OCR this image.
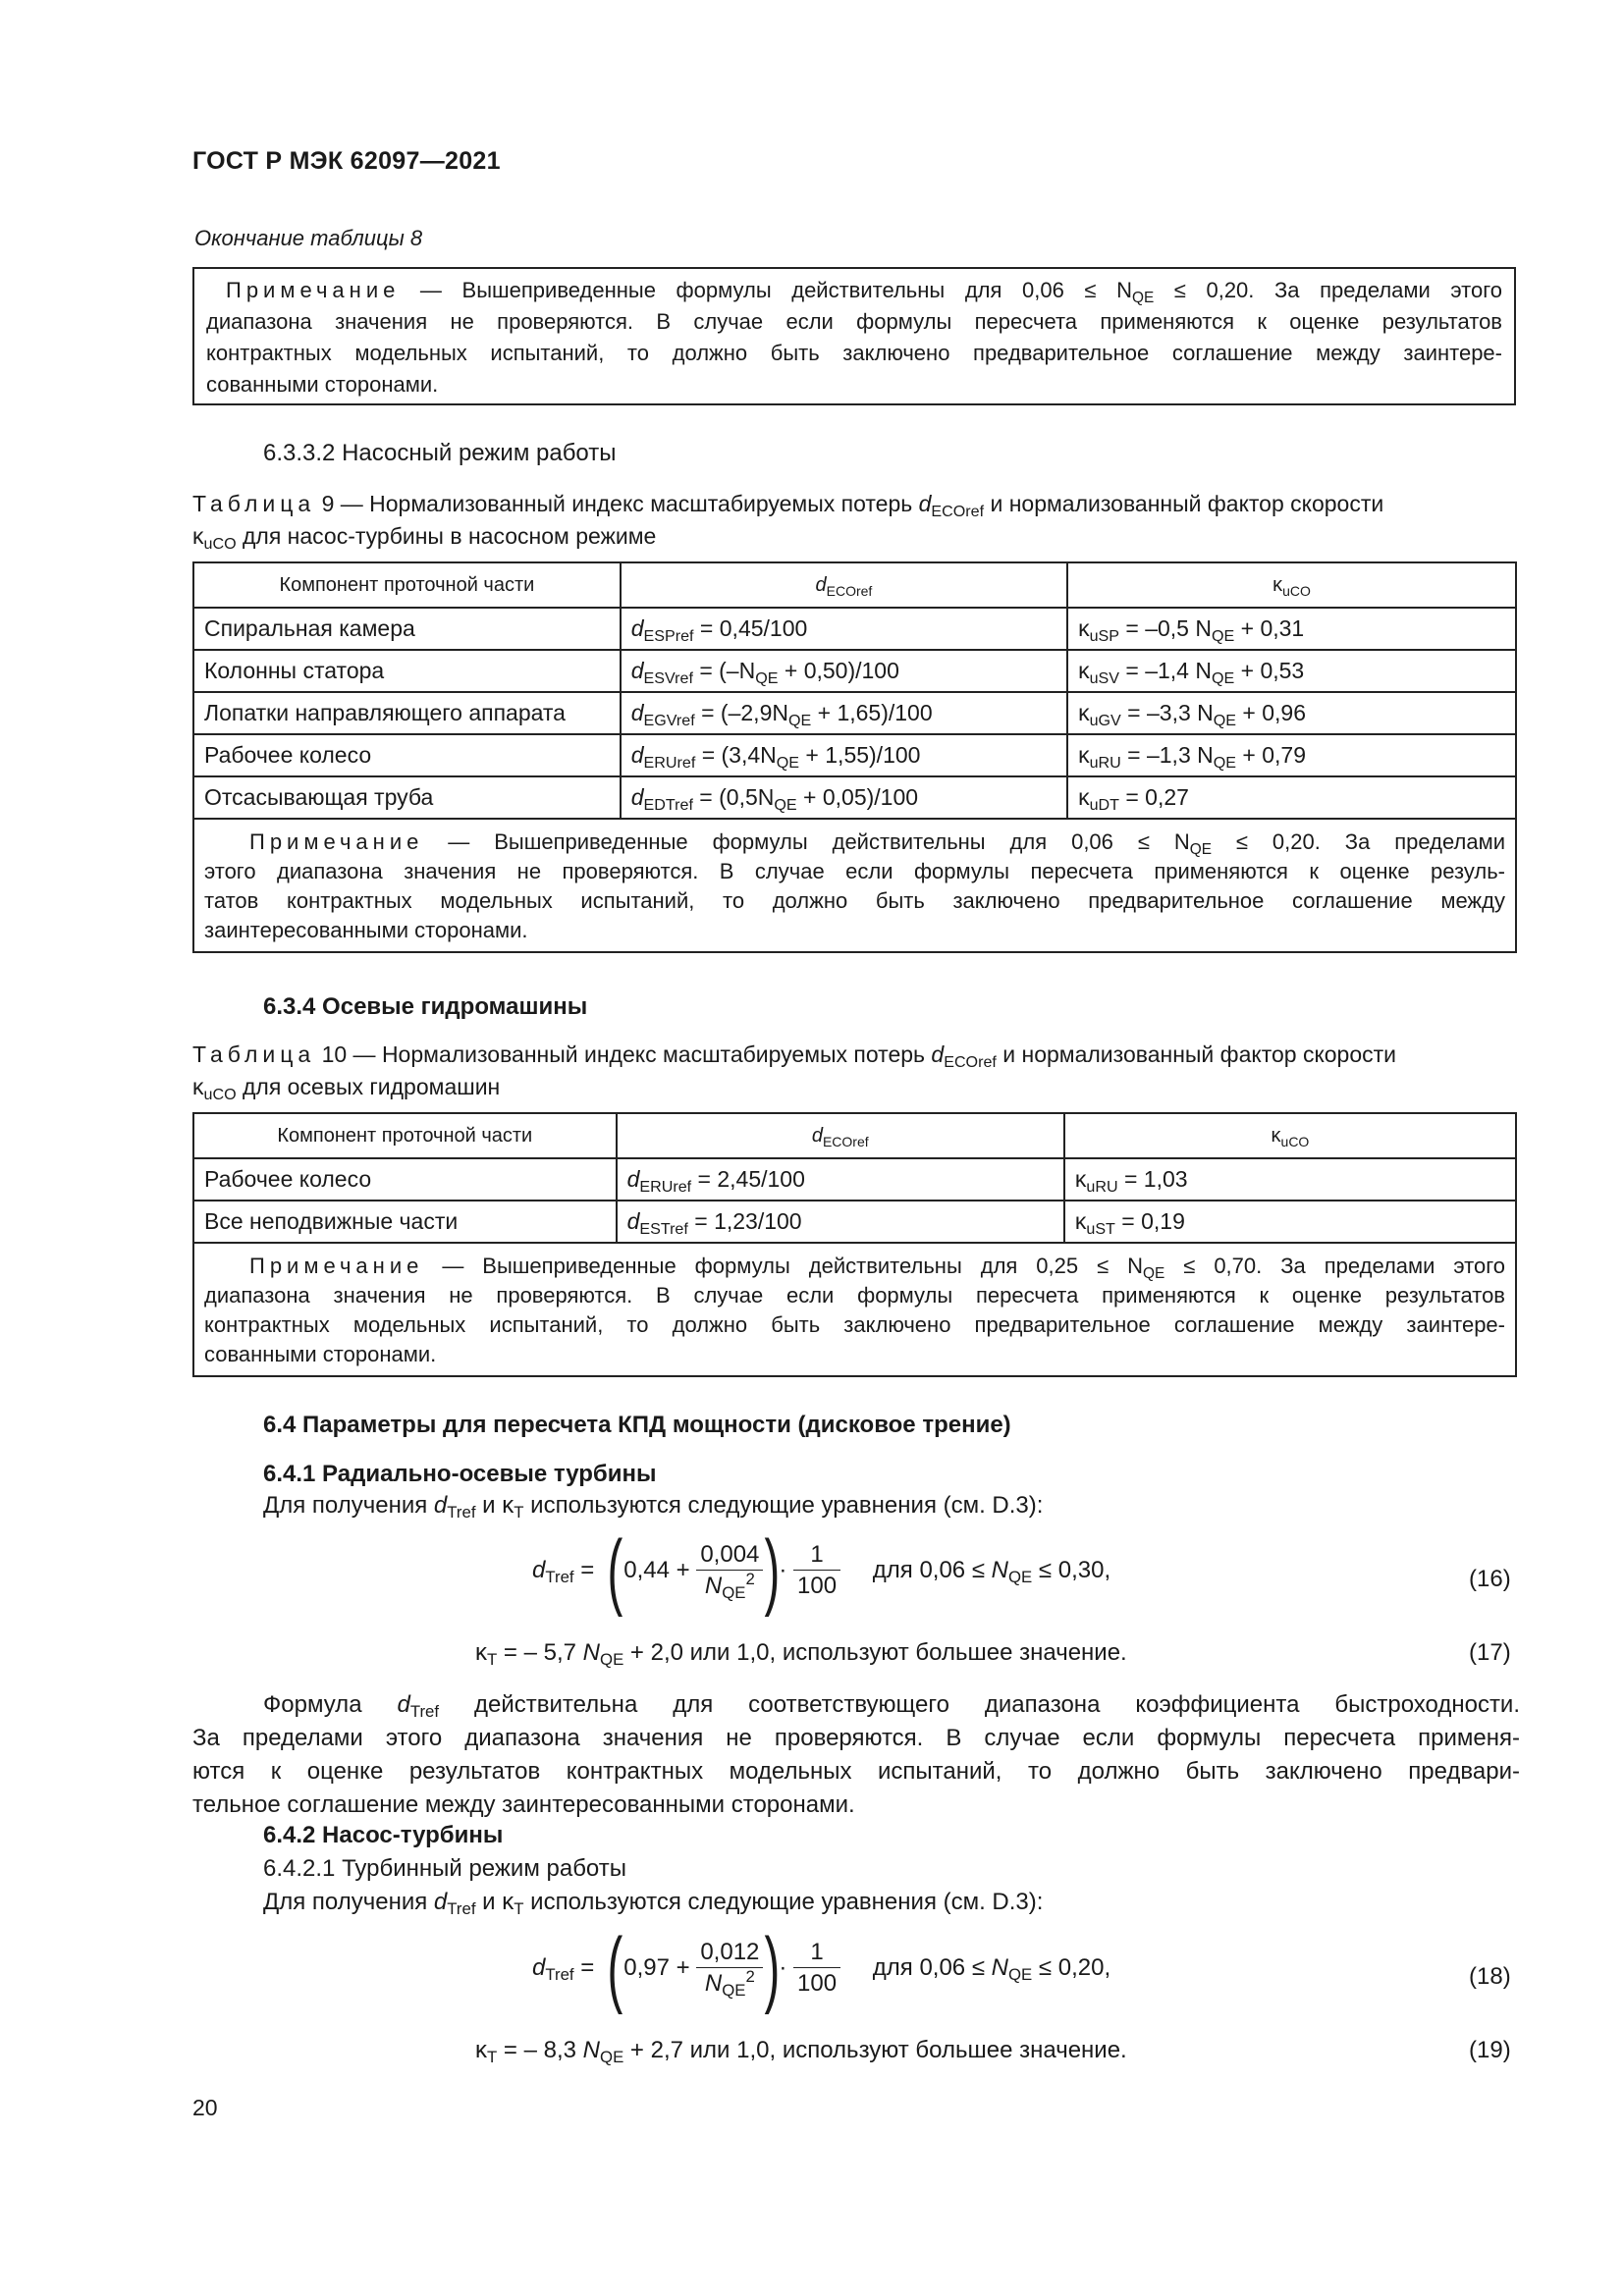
ГОСТ Р МЭК 62097—2021
Окончание таблицы 8

Примечание — Вышеприведенные формулы действительны для $0,06 \le N_{QE} \le 0,20$. За пределами этого

диапазона значения не проверяются. В случае если формулы пересчета применяются к оценке результатов

контрактных модельных испытаний, то должно быть заключено предварительное соглашение между заинтере-

сованными сторонами.

6.3.3.2 Насосный режим работы
Таблица 9 — Нормализованный индекс масштабируемых потерь $d_{ECOref}$ и нормализованный фактор скорости
$\kappa_{uCO}$ для насос-турбины в насосном режиме
Компонент проточной части	$d_{ECOref}$	$\kappa_{uCO}$
Спиральная камера	$d_{ESPref} = 0,45/100$	$\kappa_{uSP} = -0,5$ $N_{QE} + 0,31$
Колонны статора	$d_{ESVref} = (-N_{QE} + 0,50)/100$	$\kappa_{uSV} = -1,4$ $N_{QE} + 0,53$
Лопатки направляющего аппарата	$d_{EGVref} = (-2,9N_{QE} + 1,65)/100$	$\kappa_{uGV} = -3,3$ $N_{QE} + 0,96$
Рабочее колесо	$d_{ERUref} = (3,4N_{QE} + 1,55)/100$	$\kappa_{uRU} = -1,3$ $N_{QE} + 0,79$
Отсасывающая труба	$d_{EDTref} = (0,5N_{QE} + 0,05)/100$	$\kappa_{uDT} = 0,27$

Примечание — Вышеприведенные формулы действительны для $0,06 \le N_{QE} \le 0,20$. За пределами

этого диапазона значения не проверяются. В случае если формулы пересчета применяются к оценке резуль-

татов контрактных модельных испытаний, то должно быть заключено предварительное соглашение между

заинтересованными сторонами.		

6.3.4 Осевые гидромашины
Таблица 10 — Нормализованный индекс масштабируемых потерь $d_{ECOref}$ и нормализованный фактор скорости
$\kappa_{uCO}$ для осевых гидромашин
Компонент проточной части	$d_{ECOref}$	$\kappa_{uCO}$
Рабочее колесо	$d_{ERUref} = 2,45/100$	$\kappa_{uRU} = 1,03$
Все неподвижные части	$d_{ESTref} = 1,23/100$	$\kappa_{uST} = 0,19$

Примечание — Вышеприведенные формулы действительны для $0,25 \le N_{QE} \le 0,70$. За пределами этого

диапазона значения не проверяются. В случае если формулы пересчета применяются к оценке результатов

контрактных модельных испытаний, то должно быть заключено предварительное соглашение между заинтере-

сованными сторонами.		

6.4 Параметры для пересчета КПД мощности (дисковое трение)
6.4.1 Радиально-осевые турбины
Для получения $d_{Tref}$ и $\kappa_T$ используются следующие уравнения (см. D.3):
$d_{Tref}$ = ( $0,44 + \frac{0,004}{N_{QE}^2}$ ) · $\frac{1}{100}$ для $0,06 \le N_{QE} \le 0,30$,	(16)
$\kappa_T$ = – 5,7 $N_{QE} + 2,0$ или 1,0, используют большее значение.	(17)

Формула $d_{Tref}$ действительна для соответствующего диапазона коэффициента быстроходности.

За пределами этого диапазона значения не проверяются. В случае если формулы пересчета применя-

ются к оценке результатов контрактных модельных испытаний, то должно быть заключено предвари-

тельное соглашение между заинтересованными сторонами.

6.4.2 Насос-турбины
6.4.2.1 Турбинный режим работы
Для получения $d_{Tref}$ и $\kappa_T$ используются следующие уравнения (см. D.3):
$d_{Tref}$ = ( $0,97 + \frac{0,012}{N_{QE}^2}$ ) · $\frac{1}{100}$ для $0,06 \le N_{QE} \le 0,20$,	(18)
$\kappa_T$ = – 8,3 $N_{QE} + 2,7$ или 1,0, используют большее значение.	(19)
20
